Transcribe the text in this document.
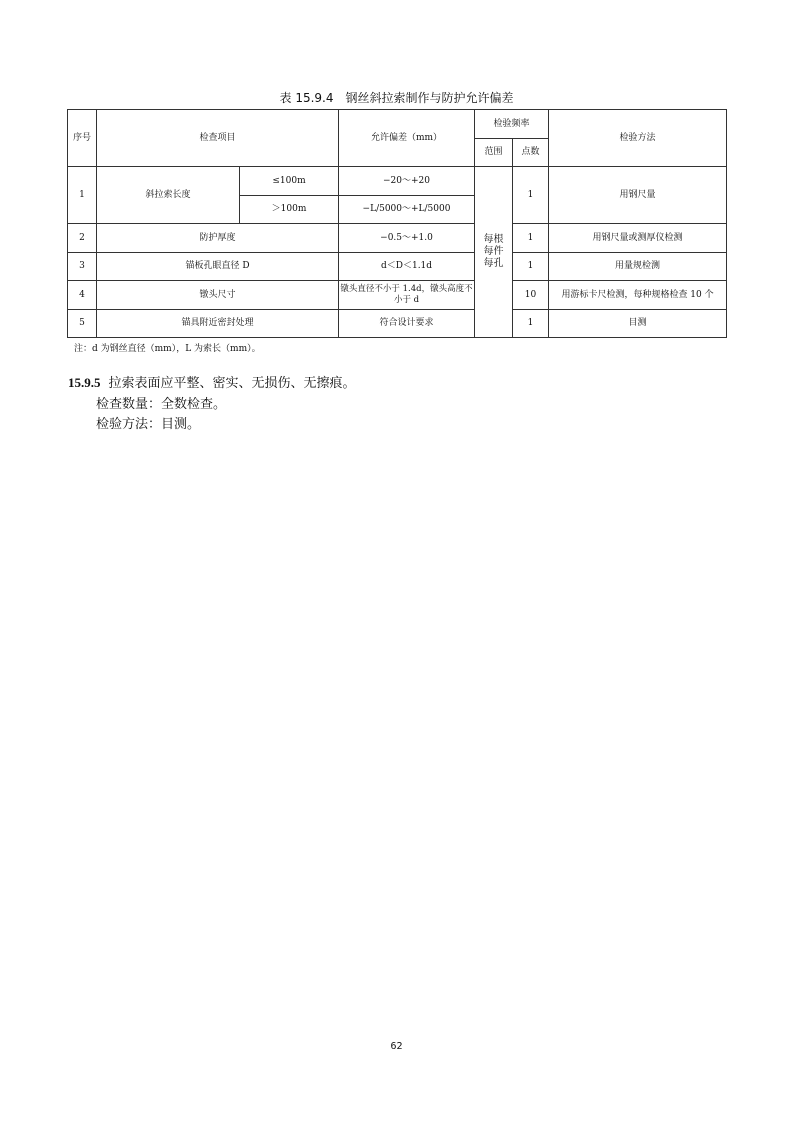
表 15.9.4　钢丝斜拉索制作与防护允许偏差
序号	检查项目		允许偏差（mm）	检验频率		检验方法
				范围	点数	
1	斜拉索长度	≤100m	−20～+20	每根每件每孔	1	用钢尺量
		＞100m	−L/5000～+L/5000			
2	防护厚度		−0.5～+1.0		1	用钢尺量或测厚仪检测
3	锚板孔眼直径 D		d＜D＜1.1d		1	用量规检测
4	镦头尺寸		镦头直径不小于 1.4d，镦头高度不小于 d		10	用游标卡尺检测，每种规格检查 10 个
5	锚具附近密封处理		符合设计要求		1	目测
注：d 为钢丝直径（mm），L 为索长（mm）。
15.9.5 拉索表面应平整、密实、无损伤、无擦痕。
检查数量：全数检查。
检验方法：目测。
62
